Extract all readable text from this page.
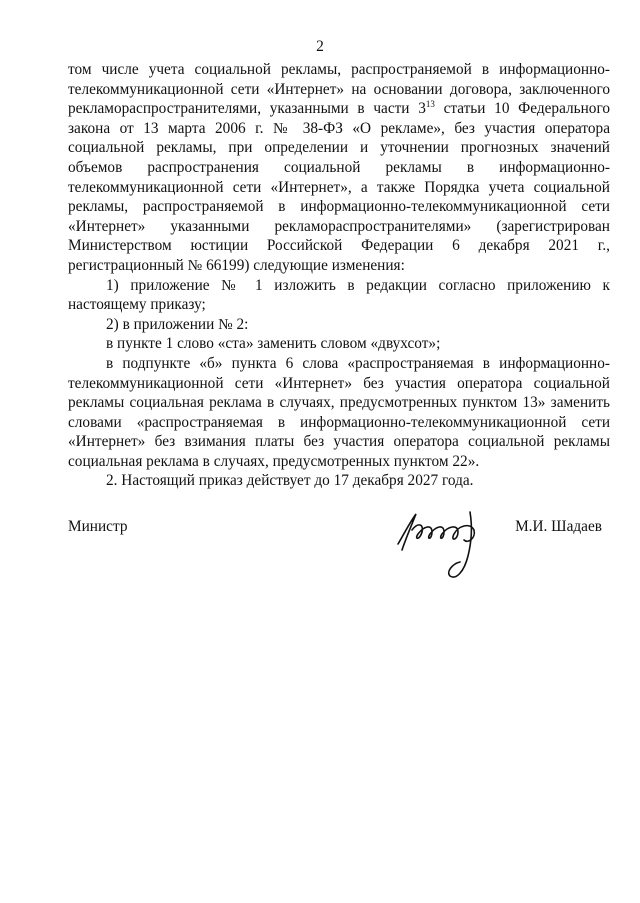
2

том числе учета социальной рекламы, распространяемой в информационно-телекоммуникационной сети «Интернет» на основании договора, заключенного рекламораспространителями, указанными в части $3^{13}$ статьи 10 Федерального закона от 13 марта 2006 г. № 38-ФЗ «О рекламе», без участия оператора социальной рекламы, при определении и уточнении прогнозных значений объемов распространения социальной рекламы в информационно-телекоммуникационной сети «Интернет», а также Порядка учета социальной рекламы, распространяемой в информационно-телекоммуникационной сети «Интернет» указанными рекламораспространителями» (зарегистрирован Министерством юстиции Российской Федерации 6 декабря 2021 г., регистрационный № 66199) следующие изменения:

1) приложение № 1 изложить в редакции согласно приложению к настоящему приказу;

2) в приложении № 2:

в пункте 1 слово «ста» заменить словом «двухсот»;

в подпункте «б» пункта 6 слова «распространяемая в информационно-телекоммуникационной сети «Интернет» без участия оператора социальной рекламы социальная реклама в случаях, предусмотренных пунктом 13» заменить словами «распространяемая в информационно-телекоммуникационной сети «Интернет» без взимания платы без участия оператора социальной рекламы социальная реклама в случаях, предусмотренных пунктом 22».

2. Настоящий приказ действует до 17 декабря 2027 года.

Министр	М.И. Шадаев
